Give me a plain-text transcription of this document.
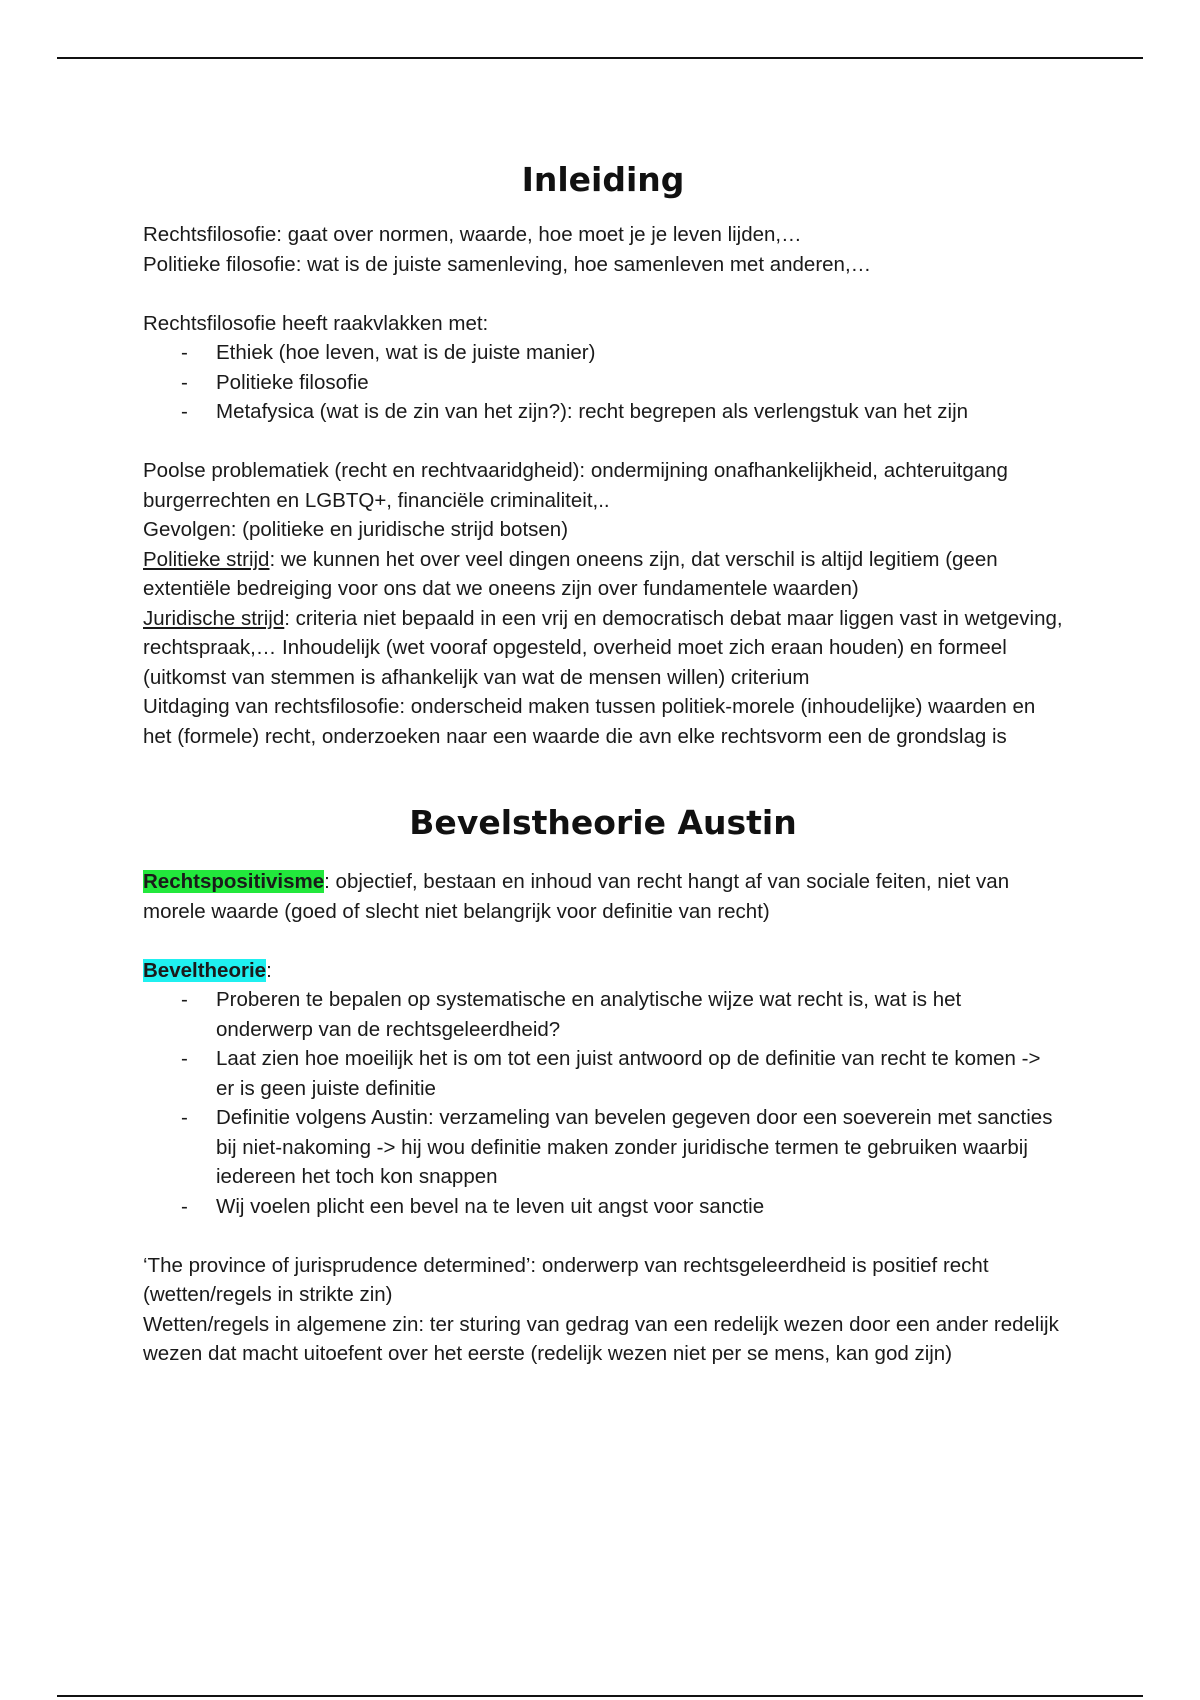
Inleiding

Rechtsfilosofie: gaat over normen, waarde, hoe moet je je leven lijden,…

Politieke filosofie: wat is de juiste samenleving, hoe samenleven met anderen,…

Rechtsfilosofie heeft raakvlakken met:

- Ethiek (hoe leven, wat is de juiste manier)
- Politieke filosofie
- Metafysica (wat is de zin van het zijn?): recht begrepen als verlengstuk van het zijn

Poolse problematiek (recht en rechtvaaridgheid): ondermijning onafhankelijkheid, achteruitgang burgerrechten en LGBTQ+, financiële criminaliteit,..

Gevolgen: (politieke en juridische strijd botsen)

Politieke strijd: we kunnen het over veel dingen oneens zijn, dat verschil is altijd legitiem (geen extentiële bedreiging voor ons dat we oneens zijn over fundamentele waarden)

Juridische strijd: criteria niet bepaald in een vrij en democratisch debat maar liggen vast in wetgeving, rechtspraak,… Inhoudelijk (wet vooraf opgesteld, overheid moet zich eraan houden) en formeel (uitkomst van stemmen is afhankelijk van wat de mensen willen) criterium

Uitdaging van rechtsfilosofie: onderscheid maken tussen politiek-morele (inhoudelijke) waarden en het (formele) recht, onderzoeken naar een waarde die avn elke rechtsvorm een de grondslag is

Bevelstheorie Austin

Rechtspositivisme: objectief, bestaan en inhoud van recht hangt af van sociale feiten, niet van morele waarde (goed of slecht niet belangrijk voor definitie van recht)

Beveltheorie:

- Proberen te bepalen op systematische en analytische wijze wat recht is, wat is het onderwerp van de rechtsgeleerdheid?
- Laat zien hoe moeilijk het is om tot een juist antwoord op de definitie van recht te komen -> er is geen juiste definitie
- Definitie volgens Austin: verzameling van bevelen gegeven door een soeverein met sancties bij niet-nakoming -> hij wou definitie maken zonder juridische termen te gebruiken waarbij iedereen het toch kon snappen
- Wij voelen plicht een bevel na te leven uit angst voor sanctie

‘The province of jurisprudence determined’: onderwerp van rechtsgeleerdheid is positief recht (wetten/regels in strikte zin)

Wetten/regels in algemene zin: ter sturing van gedrag van een redelijk wezen door een ander redelijk wezen dat macht uitoefent over het eerste (redelijk wezen niet per se mens, kan god zijn)
